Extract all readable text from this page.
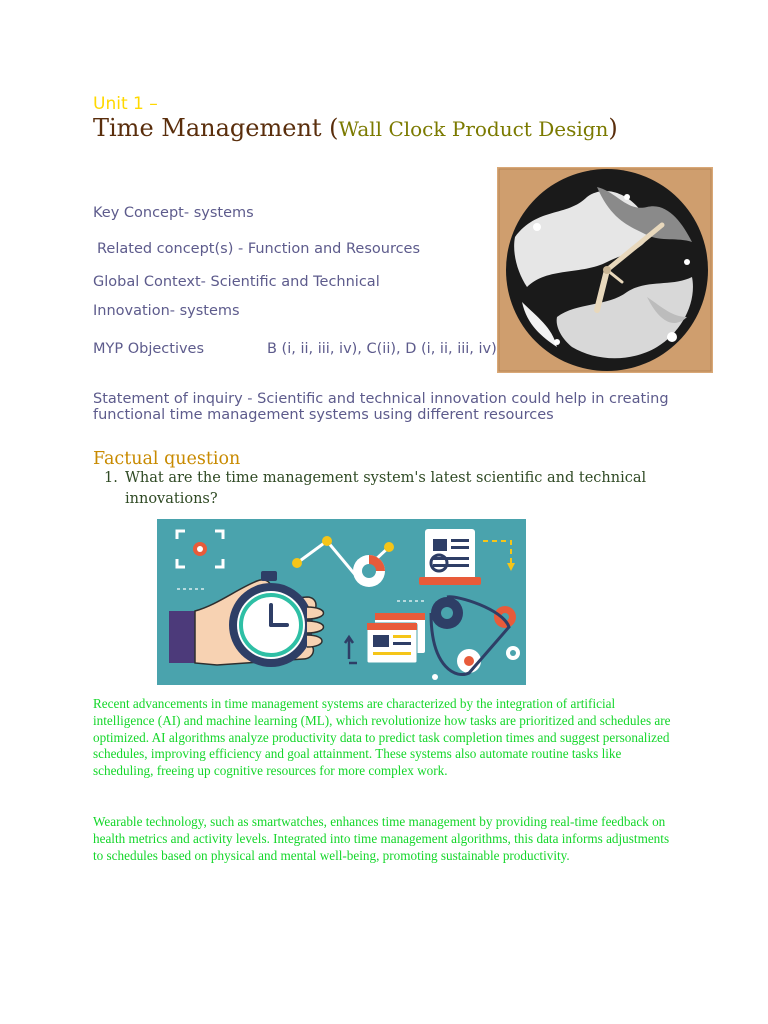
Unit 1 –
Time Management (Wall Clock Product Design)
Key Concept- systems
Related concept(s) - Function and Resources
Global Context- Scientific and Technical
Innovation- systems
MYP Objectives	B (i, ii, iii, iv), C(ii), D (i, ii, iii, iv)
Statement of inquiry - Scientific and technical innovation could help in creating functional time management systems using different resources
Factual question
1. What are the time management system's latest scientific and technical innovations?
Recent advancements in time management systems are characterized by the integration of artificial intelligence (AI) and machine learning (ML), which revolutionize how tasks are prioritized and schedules are optimized. AI algorithms analyze productivity data to predict task completion times and suggest personalized schedules, improving efficiency and goal attainment. These systems also automate routine tasks like scheduling, freeing up cognitive resources for more complex work.
Wearable technology, such as smartwatches, enhances time management by providing real-time feedback on health metrics and activity levels. Integrated into time management algorithms, this data informs adjustments to schedules based on physical and mental well-being, promoting sustainable productivity.
